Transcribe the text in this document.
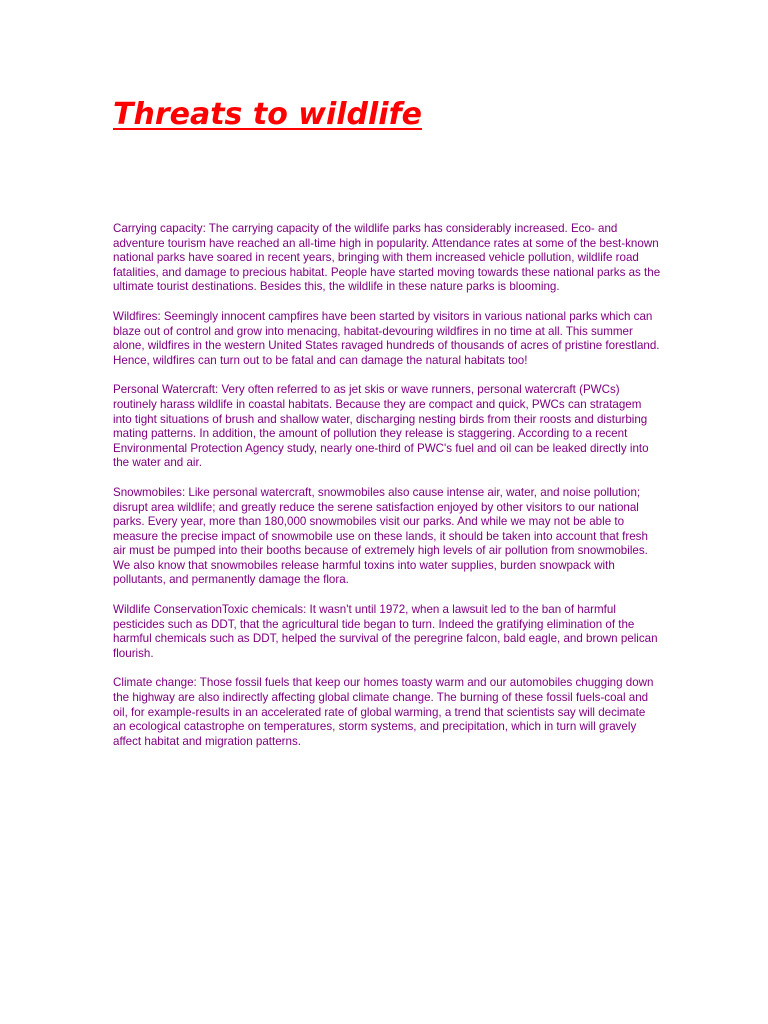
Threats to wildlife

Carrying capacity: The carrying capacity of the wildlife parks has considerably increased. Eco- and adventure tourism have reached an all-time high in popularity. Attendance rates at some of the best-known national parks have soared in recent years, bringing with them increased vehicle pollution, wildlife road fatalities, and damage to precious habitat. People have started moving towards these national parks as the ultimate tourist destinations. Besides this, the wildlife in these nature parks is blooming.

Wildfires: Seemingly innocent campfires have been started by visitors in various national parks which can blaze out of control and grow into menacing, habitat-devouring wildfires in no time at all. This summer alone, wildfires in the western United States ravaged hundreds of thousands of acres of pristine forestland. Hence, wildfires can turn out to be fatal and can damage the natural habitats too!

Personal Watercraft: Very often referred to as jet skis or wave runners, personal watercraft (PWCs) routinely harass wildlife in coastal habitats. Because they are compact and quick, PWCs can stratagem into tight situations of brush and shallow water, discharging nesting birds from their roosts and disturbing mating patterns. In addition, the amount of pollution they release is staggering. According to a recent Environmental Protection Agency study, nearly one-third of PWC's fuel and oil can be leaked directly into the water and air.

Snowmobiles: Like personal watercraft, snowmobiles also cause intense air, water, and noise pollution; disrupt area wildlife; and greatly reduce the serene satisfaction enjoyed by other visitors to our national parks. Every year, more than 180,000 snowmobiles visit our parks. And while we may not be able to measure the precise impact of snowmobile use on these lands, it should be taken into account that fresh air must be pumped into their booths because of extremely high levels of air pollution from snowmobiles. We also know that snowmobiles release harmful toxins into water supplies, burden snowpack with pollutants, and permanently damage the flora.

Wildlife ConservationToxic chemicals: It wasn't until 1972, when a lawsuit led to the ban of harmful pesticides such as DDT, that the agricultural tide began to turn. Indeed the gratifying elimination of the harmful chemicals such as DDT, helped the survival of the peregrine falcon, bald eagle, and brown pelican flourish.

Climate change: Those fossil fuels that keep our homes toasty warm and our automobiles chugging down the highway are also indirectly affecting global climate change. The burning of these fossil fuels-coal and oil, for example-results in an accelerated rate of global warming, a trend that scientists say will decimate an ecological catastrophe on temperatures, storm systems, and precipitation, which in turn will gravely affect habitat and migration patterns.
